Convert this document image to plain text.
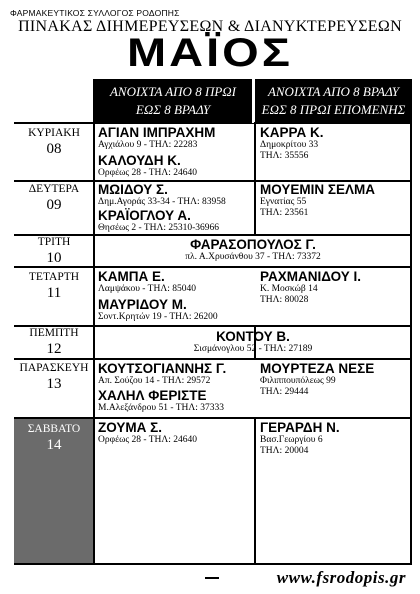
ΦΑΡΜΑΚΕΥΤΙΚΟΣ ΣΥΛΛΟΓΟΣ ΡΟΔΟΠΗΣ
ΠΙΝΑΚΑΣ ΔΙΗΜΕΡΕΥΣΕΩΝ & ΔΙΑΝΥΚΤΕΡΕΥΣΕΩΝ
ΜΑΪΟΣ
ΑΝΟΙΧΤΑ ΑΠΟ 8 ΠΡΩΙ
ΕΩΣ 8 ΒΡΑΔΥ
ΑΝΟΙΧΤΑ ΑΠΟ 8 ΒΡΑΔΥ
ΕΩΣ 8 ΠΡΩΙ ΕΠΟΜΕΝΗΣ
ΚΥΡΙΑΚΗ
08
ΑΓΙΑΝ ΙΜΠΡΑΧΗΜ
Αγχιάλου 9 - ΤΗΛ: 22283
ΚΑΛΟΥΔΗ Κ.
Ορφέως 28 - ΤΗΛ: 24640
ΚΑΡΡΑ Κ.
Δημοκρίτου 33
ΤΗΛ: 35556
ΔΕΥΤΕΡΑ
09
ΜΩΙΔΟΥ Σ.
Δημ.Αγοράς 33-34 - ΤΗΛ: 83958
ΚΡΑΪΟΓΛΟΥ Α.
Θησέως 2 - ΤΗΛ: 25310-36966
ΜΟΥΕΜΙΝ ΣΕΛΜΑ
Εγνατίας 55
ΤΗΛ: 23561
ΤΡΙΤΗ
10
ΦΑΡΑΣΟΠΟΥΛΟΣ Γ.
πλ. Α.Χρυσάνθου 37 - ΤΗΛ: 73372
ΤΕΤΑΡΤΗ
11
ΚΑΜΠΑ Ε.
Λαμψάκου - ΤΗΛ: 85040
ΜΑΥΡΙΔΟΥ Μ.
Σοντ.Κρητών 19 - ΤΗΛ: 26200
ΡΑΧΜΑΝΙΔΟΥ Ι.
Κ. Μοσκώβ 14
ΤΗΛ: 80028
ΠΕΜΠΤΗ
12
ΚΟΝΤΟΥ Β.
Σισμάνογλου 52 - ΤΗΛ: 27189
ΠΑΡΑΣΚΕΥΗ
13
ΚΟΥΤΣΟΓΙΑΝΝΗΣ Γ.
Απ. Σούζου 14 - ΤΗΛ: 29572
ΧΑΛΗΛ ΦΕΡΙΣΤΕ
Μ.Αλεξάνδρου 51 - ΤΗΛ: 37333
ΜΟΥΡΤΕΖΑ ΝΕΣΕ
Φιλιππουπόλεως 99
ΤΗΛ: 29444
ΣΑΒΒΑΤΟ
14
ΖΟΥΜΑ Σ.
Ορφέως 28 - ΤΗΛ: 24640
ΓΕΡΑΡΔΗ Ν.
Βασ.Γεωργίου 6
ΤΗΛ: 20004
www.fsrodopis.gr
